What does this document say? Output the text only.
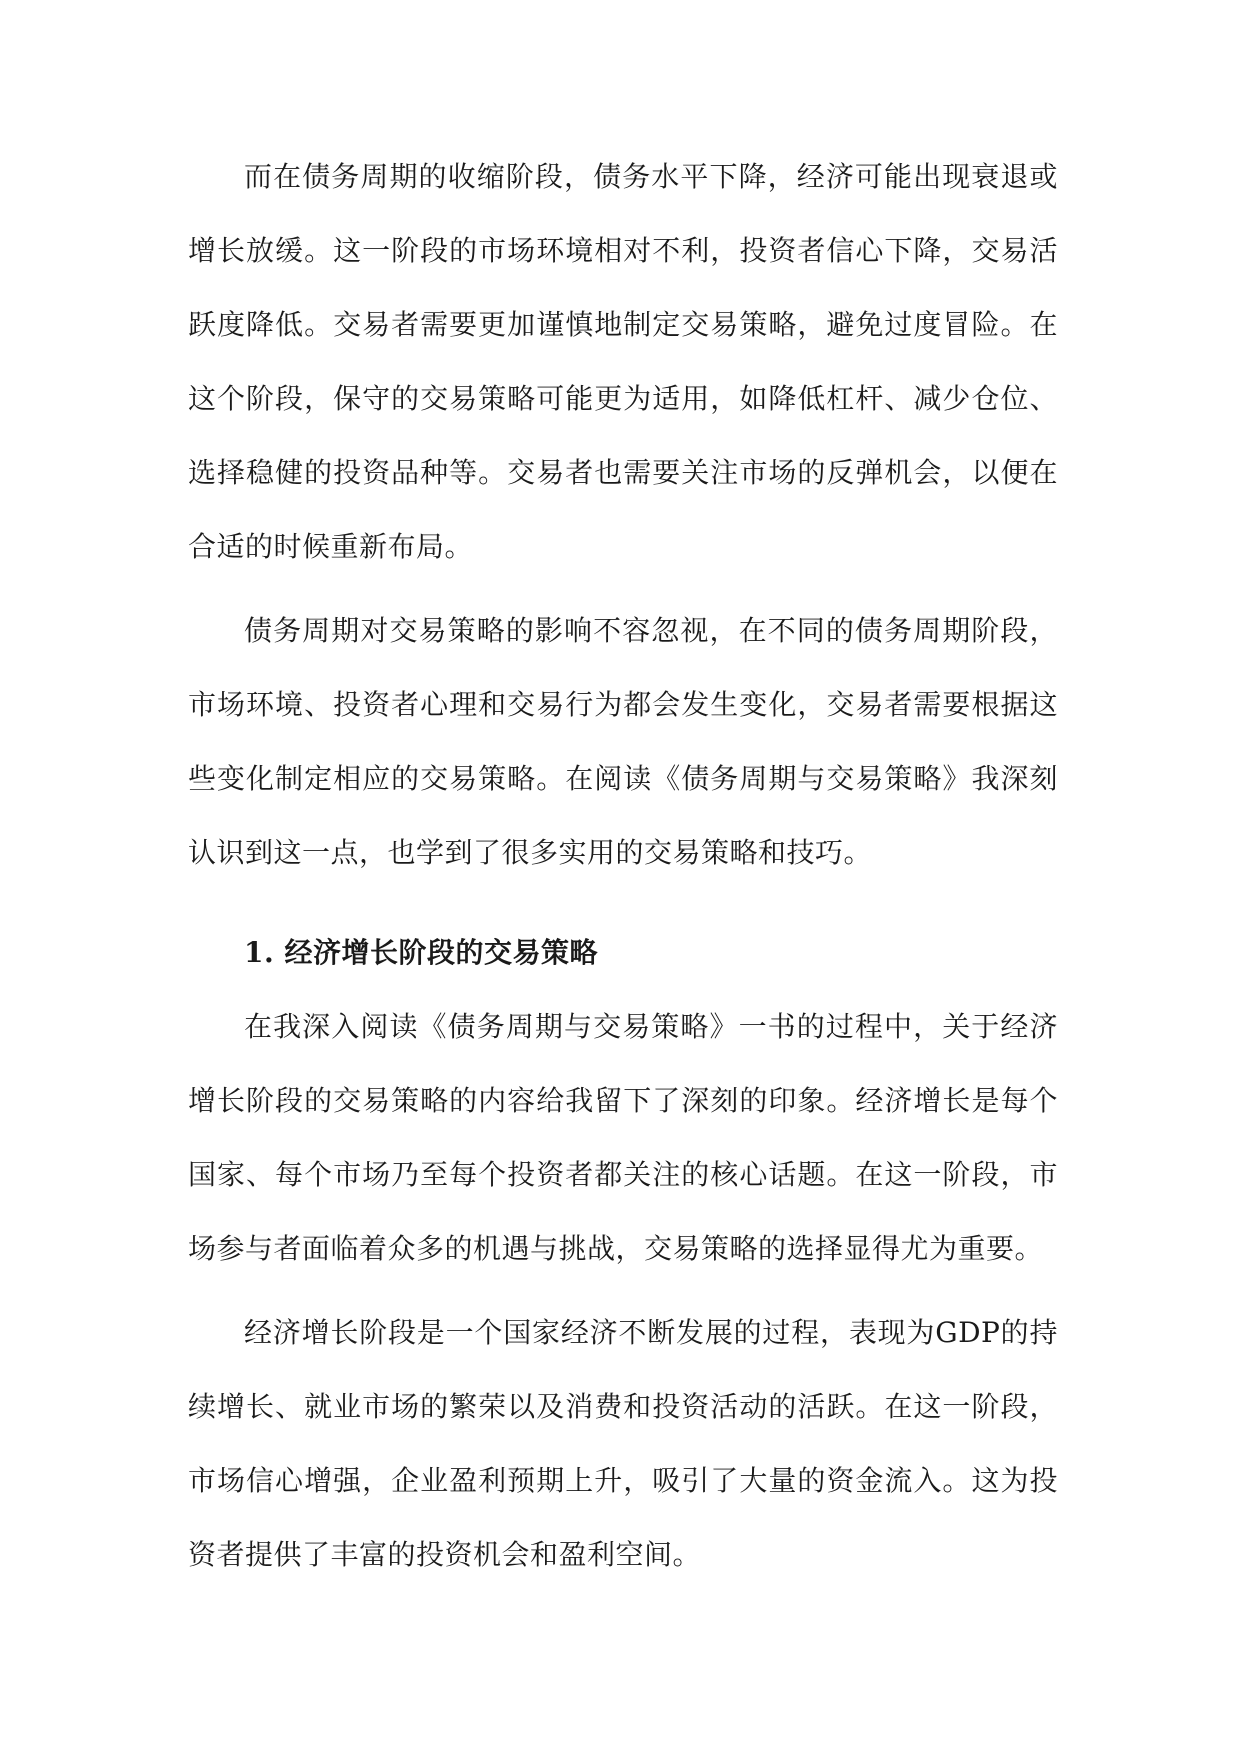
而在债务周期的收缩阶段，债务水平下降，经济可能出现衰退或增长放缓。这一阶段的市场环境相对不利，投资者信心下降，交易活跃度降低。交易者需要更加谨慎地制定交易策略，避免过度冒险。在这个阶段，保守的交易策略可能更为适用，如降低杠杆、减少仓位、选择稳健的投资品种等。交易者也需要关注市场的反弹机会，以便在合适的时候重新布局。

债务周期对交易策略的影响不容忽视，在不同的债务周期阶段，市场环境、投资者心理和交易行为都会发生变化，交易者需要根据这些变化制定相应的交易策略。在阅读《债务周期与交易策略》我深刻认识到这一点，也学到了很多实用的交易策略和技巧。

1. 经济增长阶段的交易策略

在我深入阅读《债务周期与交易策略》一书的过程中，关于经济增长阶段的交易策略的内容给我留下了深刻的印象。经济增长是每个国家、每个市场乃至每个投资者都关注的核心话题。在这一阶段，市场参与者面临着众多的机遇与挑战，交易策略的选择显得尤为重要。

经济增长阶段是一个国家经济不断发展的过程，表现为GDP的持续增长、就业市场的繁荣以及消费和投资活动的活跃。在这一阶段，市场信心增强，企业盈利预期上升，吸引了大量的资金流入。这为投资者提供了丰富的投资机会和盈利空间。
